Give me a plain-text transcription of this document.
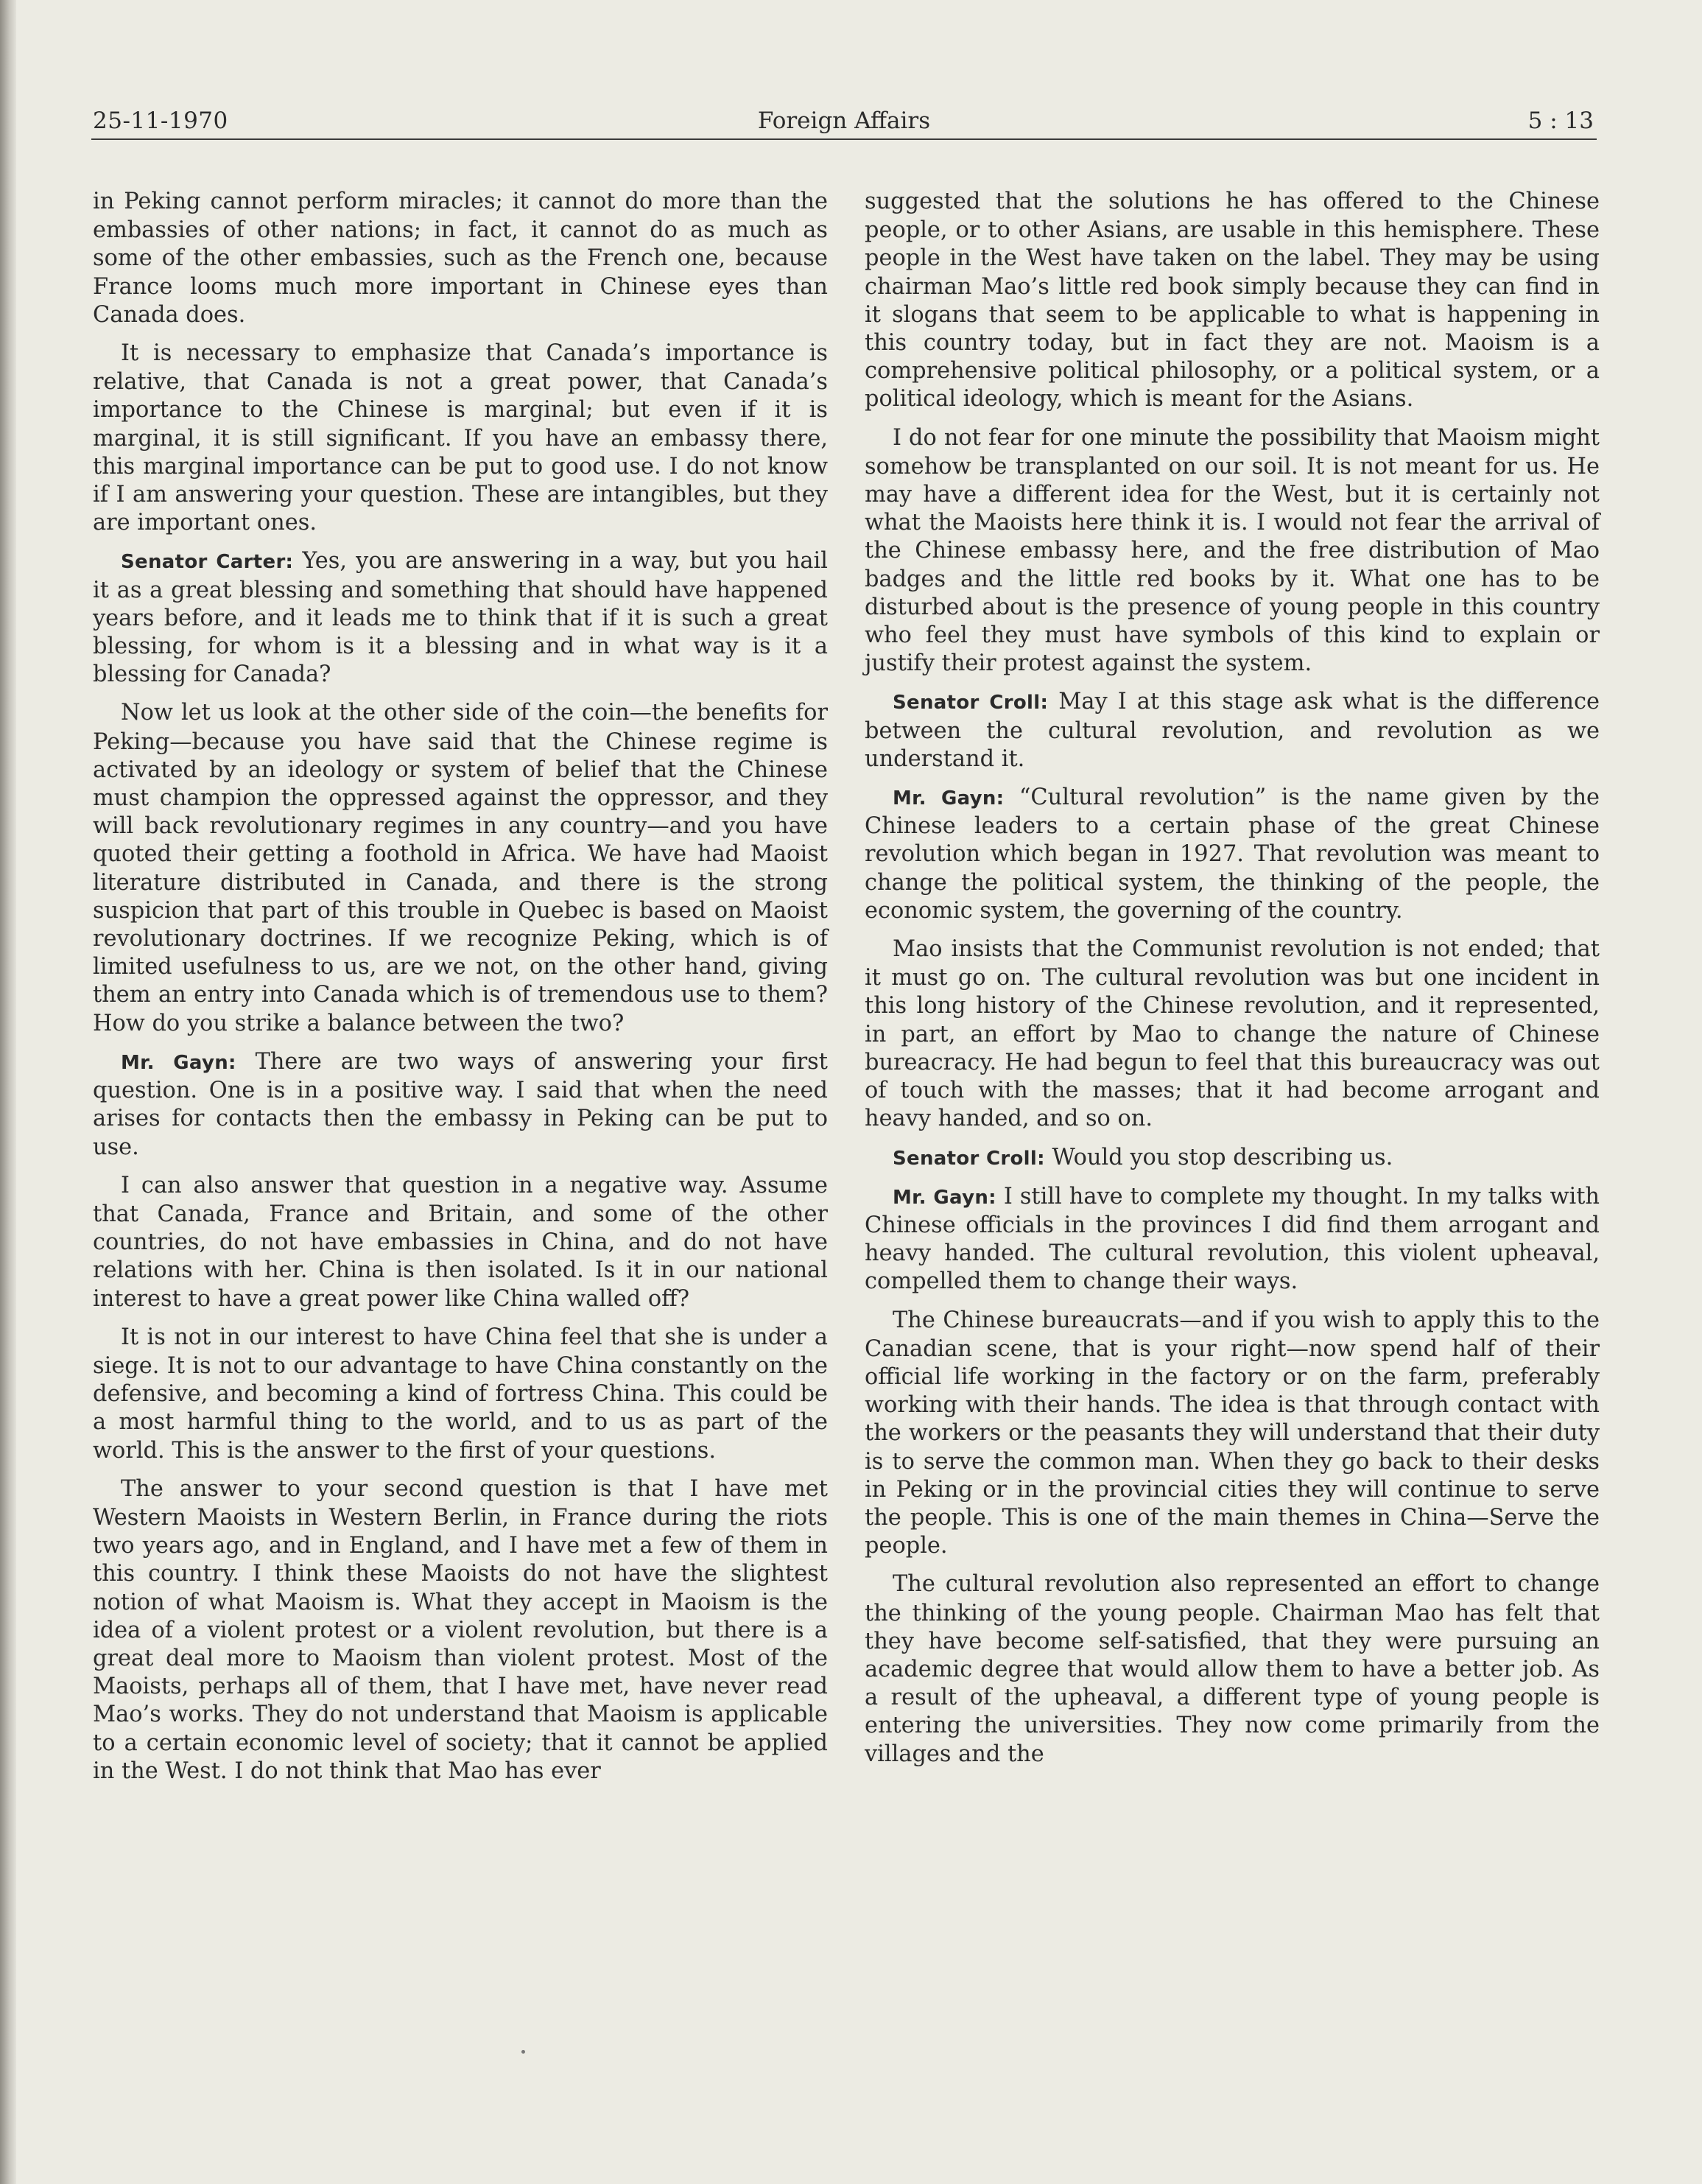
25-11-1970	Foreign Affairs	5 : 13

in Peking cannot perform miracles; it cannot do more than the embassies of other nations; in fact, it cannot do as much as some of the other embassies, such as the French one, because France looms much more important in Chinese eyes than Canada does.

It is necessary to emphasize that Canada’s importance is relative, that Canada is not a great power, that Canada’s importance to the Chinese is marginal; but even if it is marginal, it is still significant. If you have an embassy there, this marginal importance can be put to good use. I do not know if I am answering your question. These are intangibles, but they are important ones.

Senator Carter: Yes, you are answering in a way, but you hail it as a great blessing and something that should have happened years before, and it leads me to think that if it is such a great blessing, for whom is it a blessing and in what way is it a blessing for Canada?

Now let us look at the other side of the coin—the benefits for Peking—because you have said that the Chinese regime is activated by an ideology or system of belief that the Chinese must champion the oppressed against the oppressor, and they will back revolutionary regimes in any country—and you have quoted their getting a foothold in Africa. We have had Maoist literature distributed in Canada, and there is the strong suspicion that part of this trouble in Quebec is based on Maoist revolutionary doctrines. If we recognize Peking, which is of limited usefulness to us, are we not, on the other hand, giving them an entry into Canada which is of tremendous use to them? How do you strike a balance between the two?

Mr. Gayn: There are two ways of answering your first question. One is in a positive way. I said that when the need arises for contacts then the embassy in Peking can be put to use.

I can also answer that question in a negative way. Assume that Canada, France and Britain, and some of the other countries, do not have embassies in China, and do not have relations with her. China is then isolated. Is it in our national interest to have a great power like China walled off?

It is not in our interest to have China feel that she is under a siege. It is not to our advantage to have China constantly on the defensive, and becoming a kind of fortress China. This could be a most harmful thing to the world, and to us as part of the world. This is the answer to the first of your questions.

The answer to your second question is that I have met Western Maoists in Western Berlin, in France during the riots two years ago, and in England, and I have met a few of them in this country. I think these Maoists do not have the slightest notion of what Maoism is. What they accept in Maoism is the idea of a violent protest or a violent revolution, but there is a great deal more to Maoism than violent protest. Most of the Maoists, perhaps all of them, that I have met, have never read Mao’s works. They do not understand that Maoism is applicable to a certain economic level of society; that it cannot be applied in the West. I do not think that Mao has ever

suggested that the solutions he has offered to the Chinese people, or to other Asians, are usable in this hemisphere. These people in the West have taken on the label. They may be using chairman Mao’s little red book simply because they can find in it slogans that seem to be applicable to what is happening in this country today, but in fact they are not. Maoism is a comprehensive political philosophy, or a political system, or a political ideology, which is meant for the Asians.

I do not fear for one minute the possibility that Maoism might somehow be transplanted on our soil. It is not meant for us. He may have a different idea for the West, but it is certainly not what the Maoists here think it is. I would not fear the arrival of the Chinese embassy here, and the free distribution of Mao badges and the little red books by it. What one has to be disturbed about is the presence of young people in this country who feel they must have symbols of this kind to explain or justify their protest against the system.

Senator Croll: May I at this stage ask what is the difference between the cultural revolution, and revolution as we understand it.

Mr. Gayn: “Cultural revolution” is the name given by the Chinese leaders to a certain phase of the great Chinese revolution which began in 1927. That revolution was meant to change the political system, the thinking of the people, the economic system, the governing of the country.

Mao insists that the Communist revolution is not ended; that it must go on. The cultural revolution was but one incident in this long history of the Chinese revolution, and it represented, in part, an effort by Mao to change the nature of Chinese bureacracy. He had begun to feel that this bureaucracy was out of touch with the masses; that it had become arrogant and heavy handed, and so on.

Senator Croll: Would you stop describing us.

Mr. Gayn: I still have to complete my thought. In my talks with Chinese officials in the provinces I did find them arrogant and heavy handed. The cultural revolution, this violent upheaval, compelled them to change their ways.

The Chinese bureaucrats—and if you wish to apply this to the Canadian scene, that is your right—now spend half of their official life working in the factory or on the farm, preferably working with their hands. The idea is that through contact with the workers or the peasants they will understand that their duty is to serve the common man. When they go back to their desks in Peking or in the provincial cities they will continue to serve the people. This is one of the main themes in China—Serve the people.

The cultural revolution also represented an effort to change the thinking of the young people. Chairman Mao has felt that they have become self-satisfied, that they were pursuing an academic degree that would allow them to have a better job. As a result of the upheaval, a different type of young people is entering the universities. They now come primarily from the villages and the
